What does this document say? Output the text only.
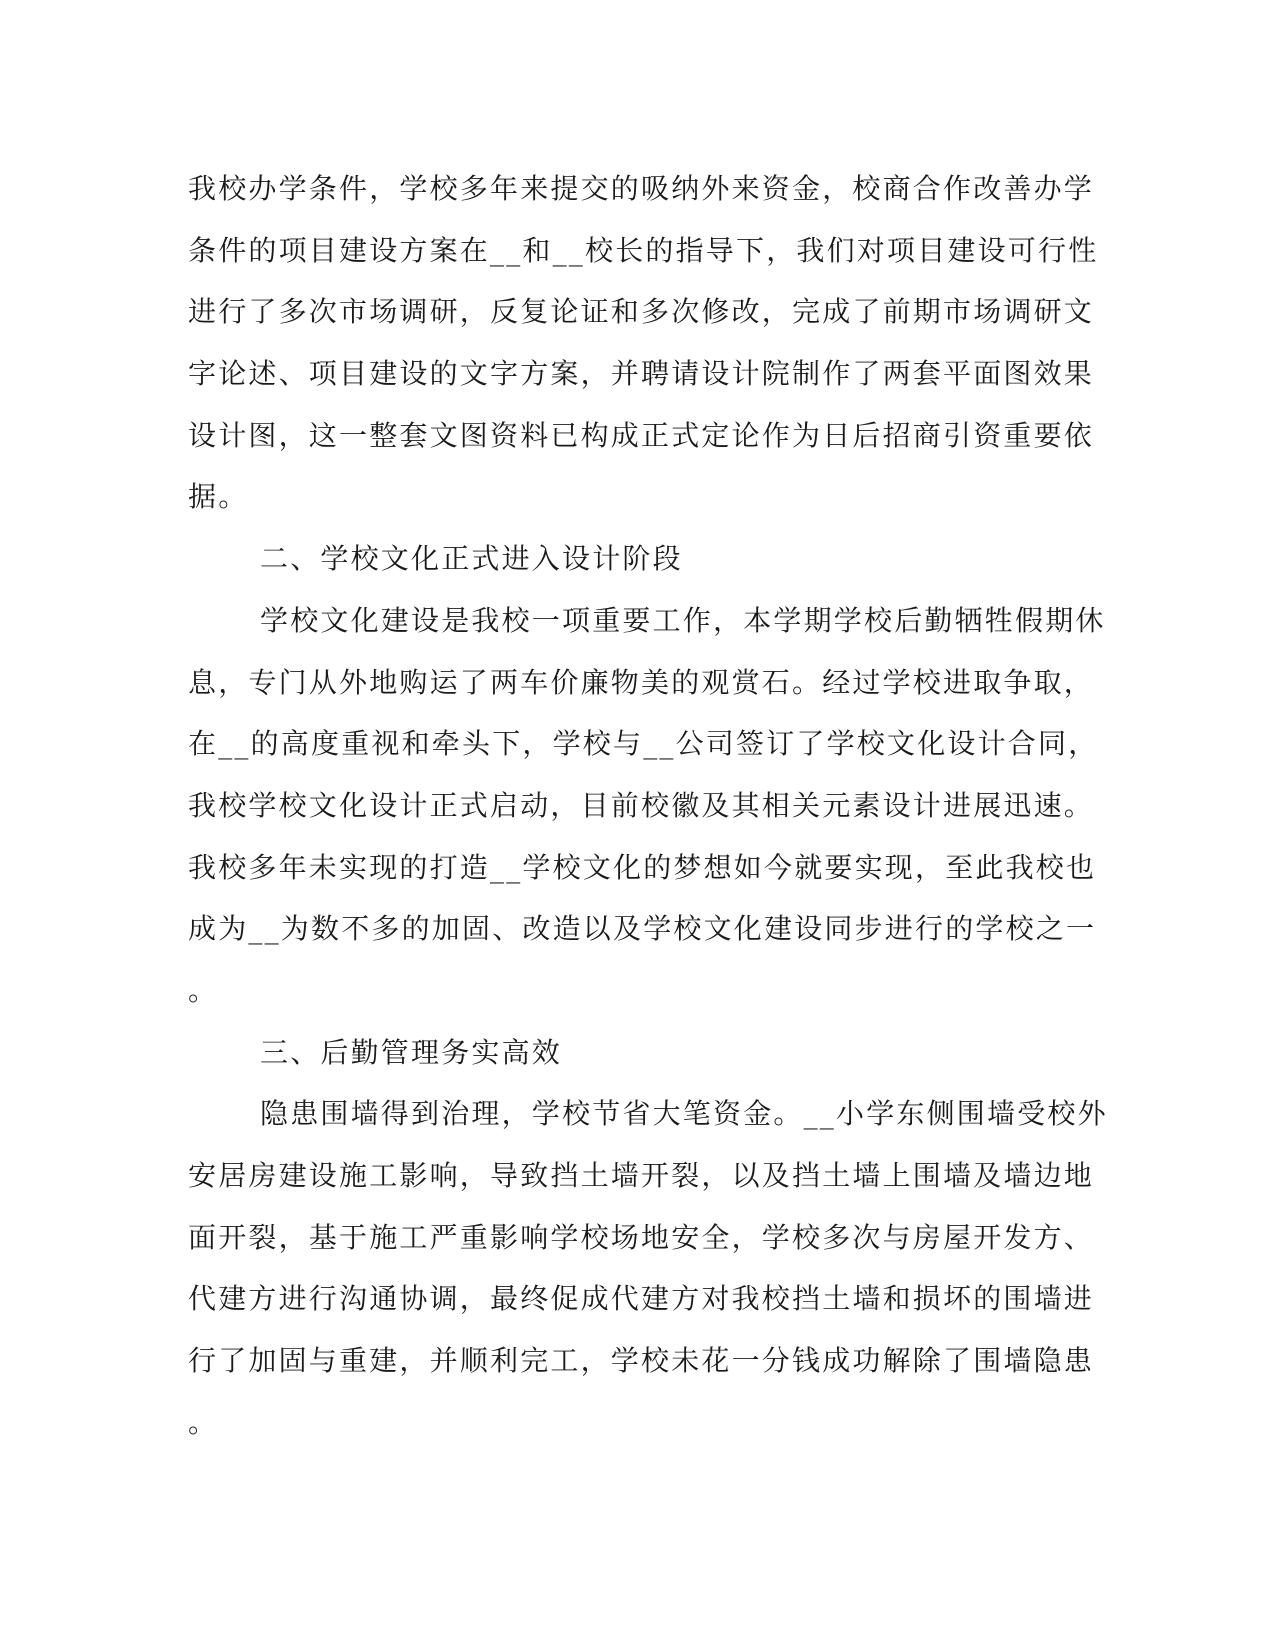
我校办学条件，学校多年来提交的吸纳外来资金，校商合作改善办学
条件的项目建设方案在__和__校长的指导下，我们对项目建设可行性
进行了多次市场调研，反复论证和多次修改，完成了前期市场调研文
字论述、项目建设的文字方案，并聘请设计院制作了两套平面图效果
设计图，这一整套文图资料已构成正式定论作为日后招商引资重要依
据。
二、学校文化正式进入设计阶段
学校文化建设是我校一项重要工作，本学期学校后勤牺牲假期休
息，专门从外地购运了两车价廉物美的观赏石。经过学校进取争取，
在__的高度重视和牵头下，学校与__公司签订了学校文化设计合同，
我校学校文化设计正式启动，目前校徽及其相关元素设计进展迅速。
我校多年未实现的打造__学校文化的梦想如今就要实现，至此我校也
成为__为数不多的加固、改造以及学校文化建设同步进行的学校之一
。
三、后勤管理务实高效
隐患围墙得到治理，学校节省大笔资金。__小学东侧围墙受校外
安居房建设施工影响，导致挡土墙开裂，以及挡土墙上围墙及墙边地
面开裂，基于施工严重影响学校场地安全，学校多次与房屋开发方、
代建方进行沟通协调，最终促成代建方对我校挡土墙和损坏的围墙进
行了加固与重建，并顺利完工，学校未花一分钱成功解除了围墙隐患
。
